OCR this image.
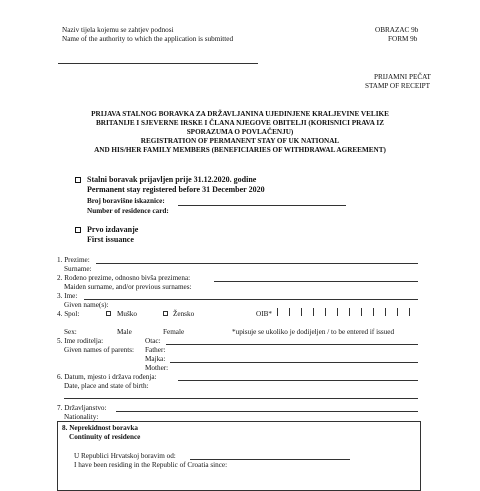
Naziv tijela kojemu se zahtjev podnosi
Name of the authority to which the application is submitted
OBRAZAC 9b
FORM 9b
PRIJAMNI PEČAT
STAMP OF RECEIPT
PRIJAVA STALNOG BORAVKA ZA DRŽAVLJANINA UJEDINJENE KRALJEVINE VELIKE
BRITANIJE I SJEVERNE IRSKE I ČLANA NJEGOVE OBITELJI (KORISNICI PRAVA IZ
SPORAZUMA O POVLAČENJU)
REGISTRATION OF PERMANENT STAY OF UK NATIONAL
AND HIS/HER FAMILY MEMBERS (BENEFICIARIES OF WITHDRAWAL AGREEMENT)
Stalni boravak prijavljen prije 31.12.2020. godine
Permanent stay registered before 31 December 2020
Broj boravišne iskaznice:
Number of residence card:
Prvo izdavanje
First issuance
1. Prezime:
Surname:
2. Rođeno prezime, odnosno bivša prezimena:
Maiden surname, and/or previous surnames:
3. Ime:
Given name(s):
4. Spol:	Muško	Žensko	OIB*
Sex:	Male	Female	*upisuje se ukoliko je dodijeljen / to be entered if issued
5. Ime roditelja:	Otac:
Given names of parents: Father:
Majka:
Mother:
6. Datum, mjesto i država rođenja:
Date, place and state of birth:
7. Državljanstvo:
Nationality:
8. Neprekidnost boravka
Continuity of residence
U Republici Hrvatskoj boravim od:
I have been residing in the Republic of Croatia since:
